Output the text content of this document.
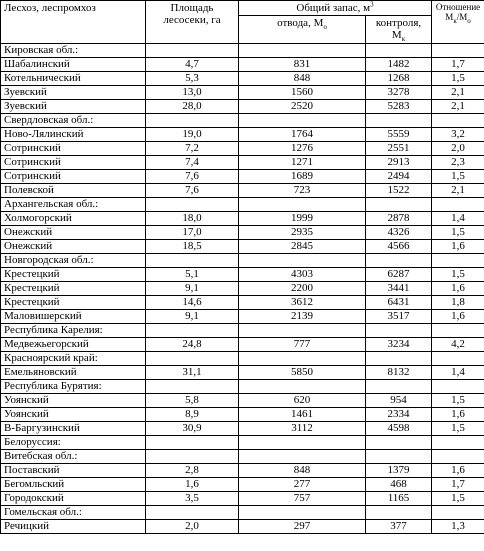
Лесхоз, леспромхоз	Площадь
лесосеки, га	Общий запас, $м^3$		Отношение
$М_к/М_о$
		отвода, $М_о$	контроля,
$М_к$
Кировская обл.:				
Шабалинский	4,7	831	1482	1,7
Котельнический	5,3	848	1268	1,5
Зуевский	13,0	1560	3278	2,1
Зуевский	28,0	2520	5283	2,1
Свердловская обл.:				
Ново-Лялинский	19,0	1764	5559	3,2
Сотринский	7,2	1276	2551	2,0
Сотринский	7,4	1271	2913	2,3
Сотринский	7,6	1689	2494	1,5
Полевской	7,6	723	1522	2,1
Архангельская обл.:				
Холмогорский	18,0	1999	2878	1,4
Онежский	17,0	2935	4326	1,5
Онежский	18,5	2845	4566	1,6
Новгородская обл.:				
Крестецкий	5,1	4303	6287	1,5
Крестецкий	9,1	2200	3441	1,6
Крестецкий	14,6	3612	6431	1,8
Маловишерский	9,1	2139	3517	1,6
Республика Карелия:				
Медвежьегорский	24,8	777	3234	4,2
Красноярский край:				
Емельяновский	31,1	5850	8132	1,4
Республика Бурятия:				
Уоянский	5,8	620	954	1,5
Уоянский	8,9	1461	2334	1,6
В-Баргузинский	30,9	3112	4598	1,5
Белоруссия:				
Витебская обл.:				
Поставский	2,8	848	1379	1,6
Бегомльский	1,6	277	468	1,7
Городокский	3,5	757	1165	1,5
Гомельская обл.:				
Речицкий	2,0	297	377	1,3
